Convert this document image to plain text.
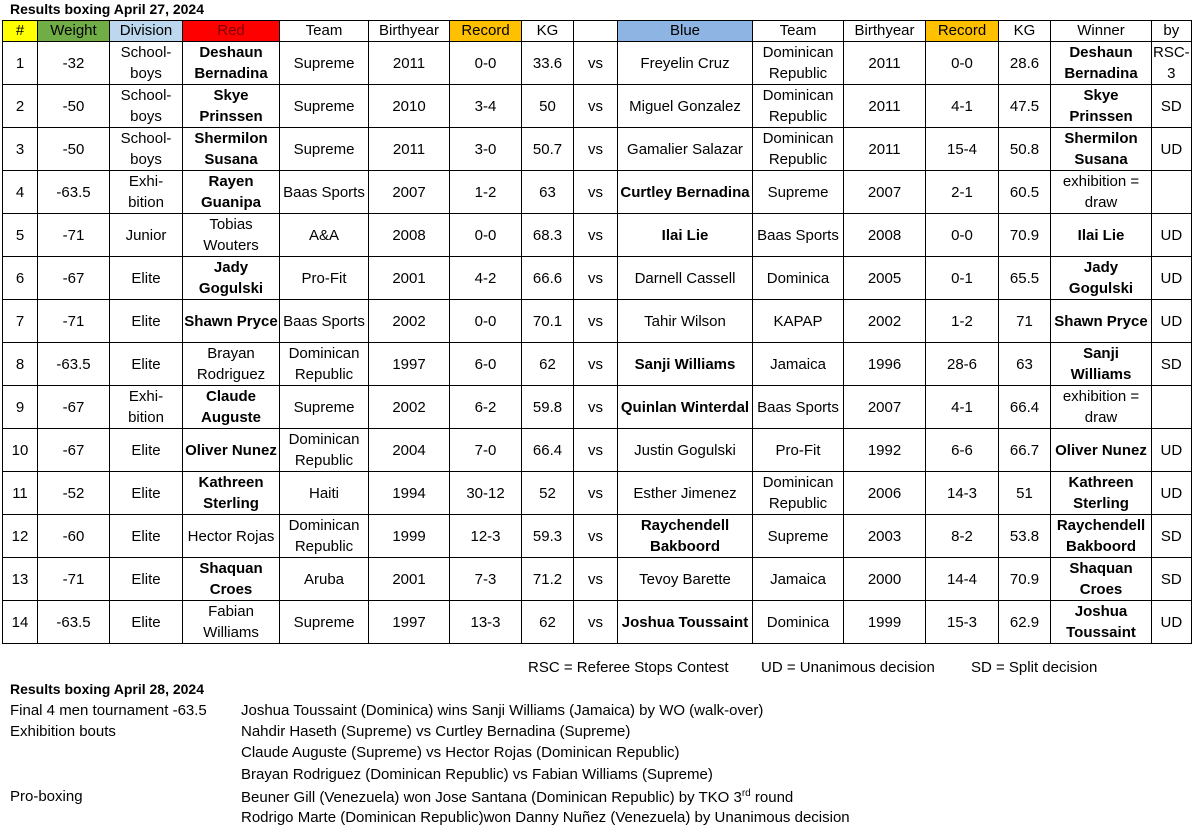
Results boxing April 27, 2024
#	Weight	Division	Red	Team	Birthyear	Record	KG		Blue	Team	Birthyear	Record	KG	Winner	by
1	-32	School-boys	Deshaun Bernadina	Supreme	2011	0-0	33.6	vs	Freyelin Cruz	Dominican Republic	2011	0-0	28.6	Deshaun Bernadina	RSC-3
2	-50	School-boys	Skye Prinssen	Supreme	2010	3-4	50	vs	Miguel Gonzalez	Dominican Republic	2011	4-1	47.5	Skye Prinssen	SD
3	-50	School-boys	Shermilon Susana	Supreme	2011	3-0	50.7	vs	Gamalier Salazar	Dominican Republic	2011	15-4	50.8	Shermilon Susana	UD
4	-63.5	Exhi-bition	Rayen Guanipa	Baas Sports	2007	1-2	63	vs	Curtley Bernadina	Supreme	2007	2-1	60.5	exhibition = draw	
5	-71	Junior	Tobias Wouters	A&A	2008	0-0	68.3	vs	Ilai Lie	Baas Sports	2008	0-0	70.9	Ilai Lie	UD
6	-67	Elite	Jady Gogulski	Pro-Fit	2001	4-2	66.6	vs	Darnell Cassell	Dominica	2005	0-1	65.5	Jady Gogulski	UD
7	-71	Elite	Shawn Pryce	Baas Sports	2002	0-0	70.1	vs	Tahir Wilson	KAPAP	2002	1-2	71	Shawn Pryce	UD
8	-63.5	Elite	Brayan Rodriguez	Dominican Republic	1997	6-0	62	vs	Sanji Williams	Jamaica	1996	28-6	63	Sanji Williams	SD
9	-67	Exhi-bition	Claude Auguste	Supreme	2002	6-2	59.8	vs	Quinlan Winterdal	Baas Sports	2007	4-1	66.4	exhibition = draw	
10	-67	Elite	Oliver Nunez	Dominican Republic	2004	7-0	66.4	vs	Justin Gogulski	Pro-Fit	1992	6-6	66.7	Oliver Nunez	UD
11	-52	Elite	Kathreen Sterling	Haiti	1994	30-12	52	vs	Esther Jimenez	Dominican Republic	2006	14-3	51	Kathreen Sterling	UD
12	-60	Elite	Hector Rojas	Dominican Republic	1999	12-3	59.3	vs	Raychendell Bakboord	Supreme	2003	8-2	53.8	Raychendell Bakboord	SD
13	-71	Elite	Shaquan Croes	Aruba	2001	7-3	71.2	vs	Tevoy Barette	Jamaica	2000	14-4	70.9	Shaquan Croes	SD
14	-63.5	Elite	Fabian Williams	Supreme	1997	13-3	62	vs	Joshua Toussaint	Dominica	1999	15-3	62.9	Joshua Toussaint	UD
RSC = Referee Stops Contest UD = Unanimous decision SD = Split decision
Results boxing April 28, 2024
Final 4 men tournament -63.5 Joshua Toussaint (Dominica) wins Sanji Williams (Jamaica) by WO (walk-over)
Exhibition bouts	Nahdir Haseth (Supreme) vs Curtley Bernadina (Supreme)
Claude Auguste (Supreme) vs Hector Rojas (Dominican Republic)
Brayan Rodriguez (Dominican Republic) vs Fabian Williams (Supreme)
Pro-boxing	Beuner Gill (Venezuela) won Jose Santana (Dominican Republic) by TKO 3rd round
Rodrigo Marte (Dominican Republic)won Danny Nuñez (Venezuela) by Unanimous decision
